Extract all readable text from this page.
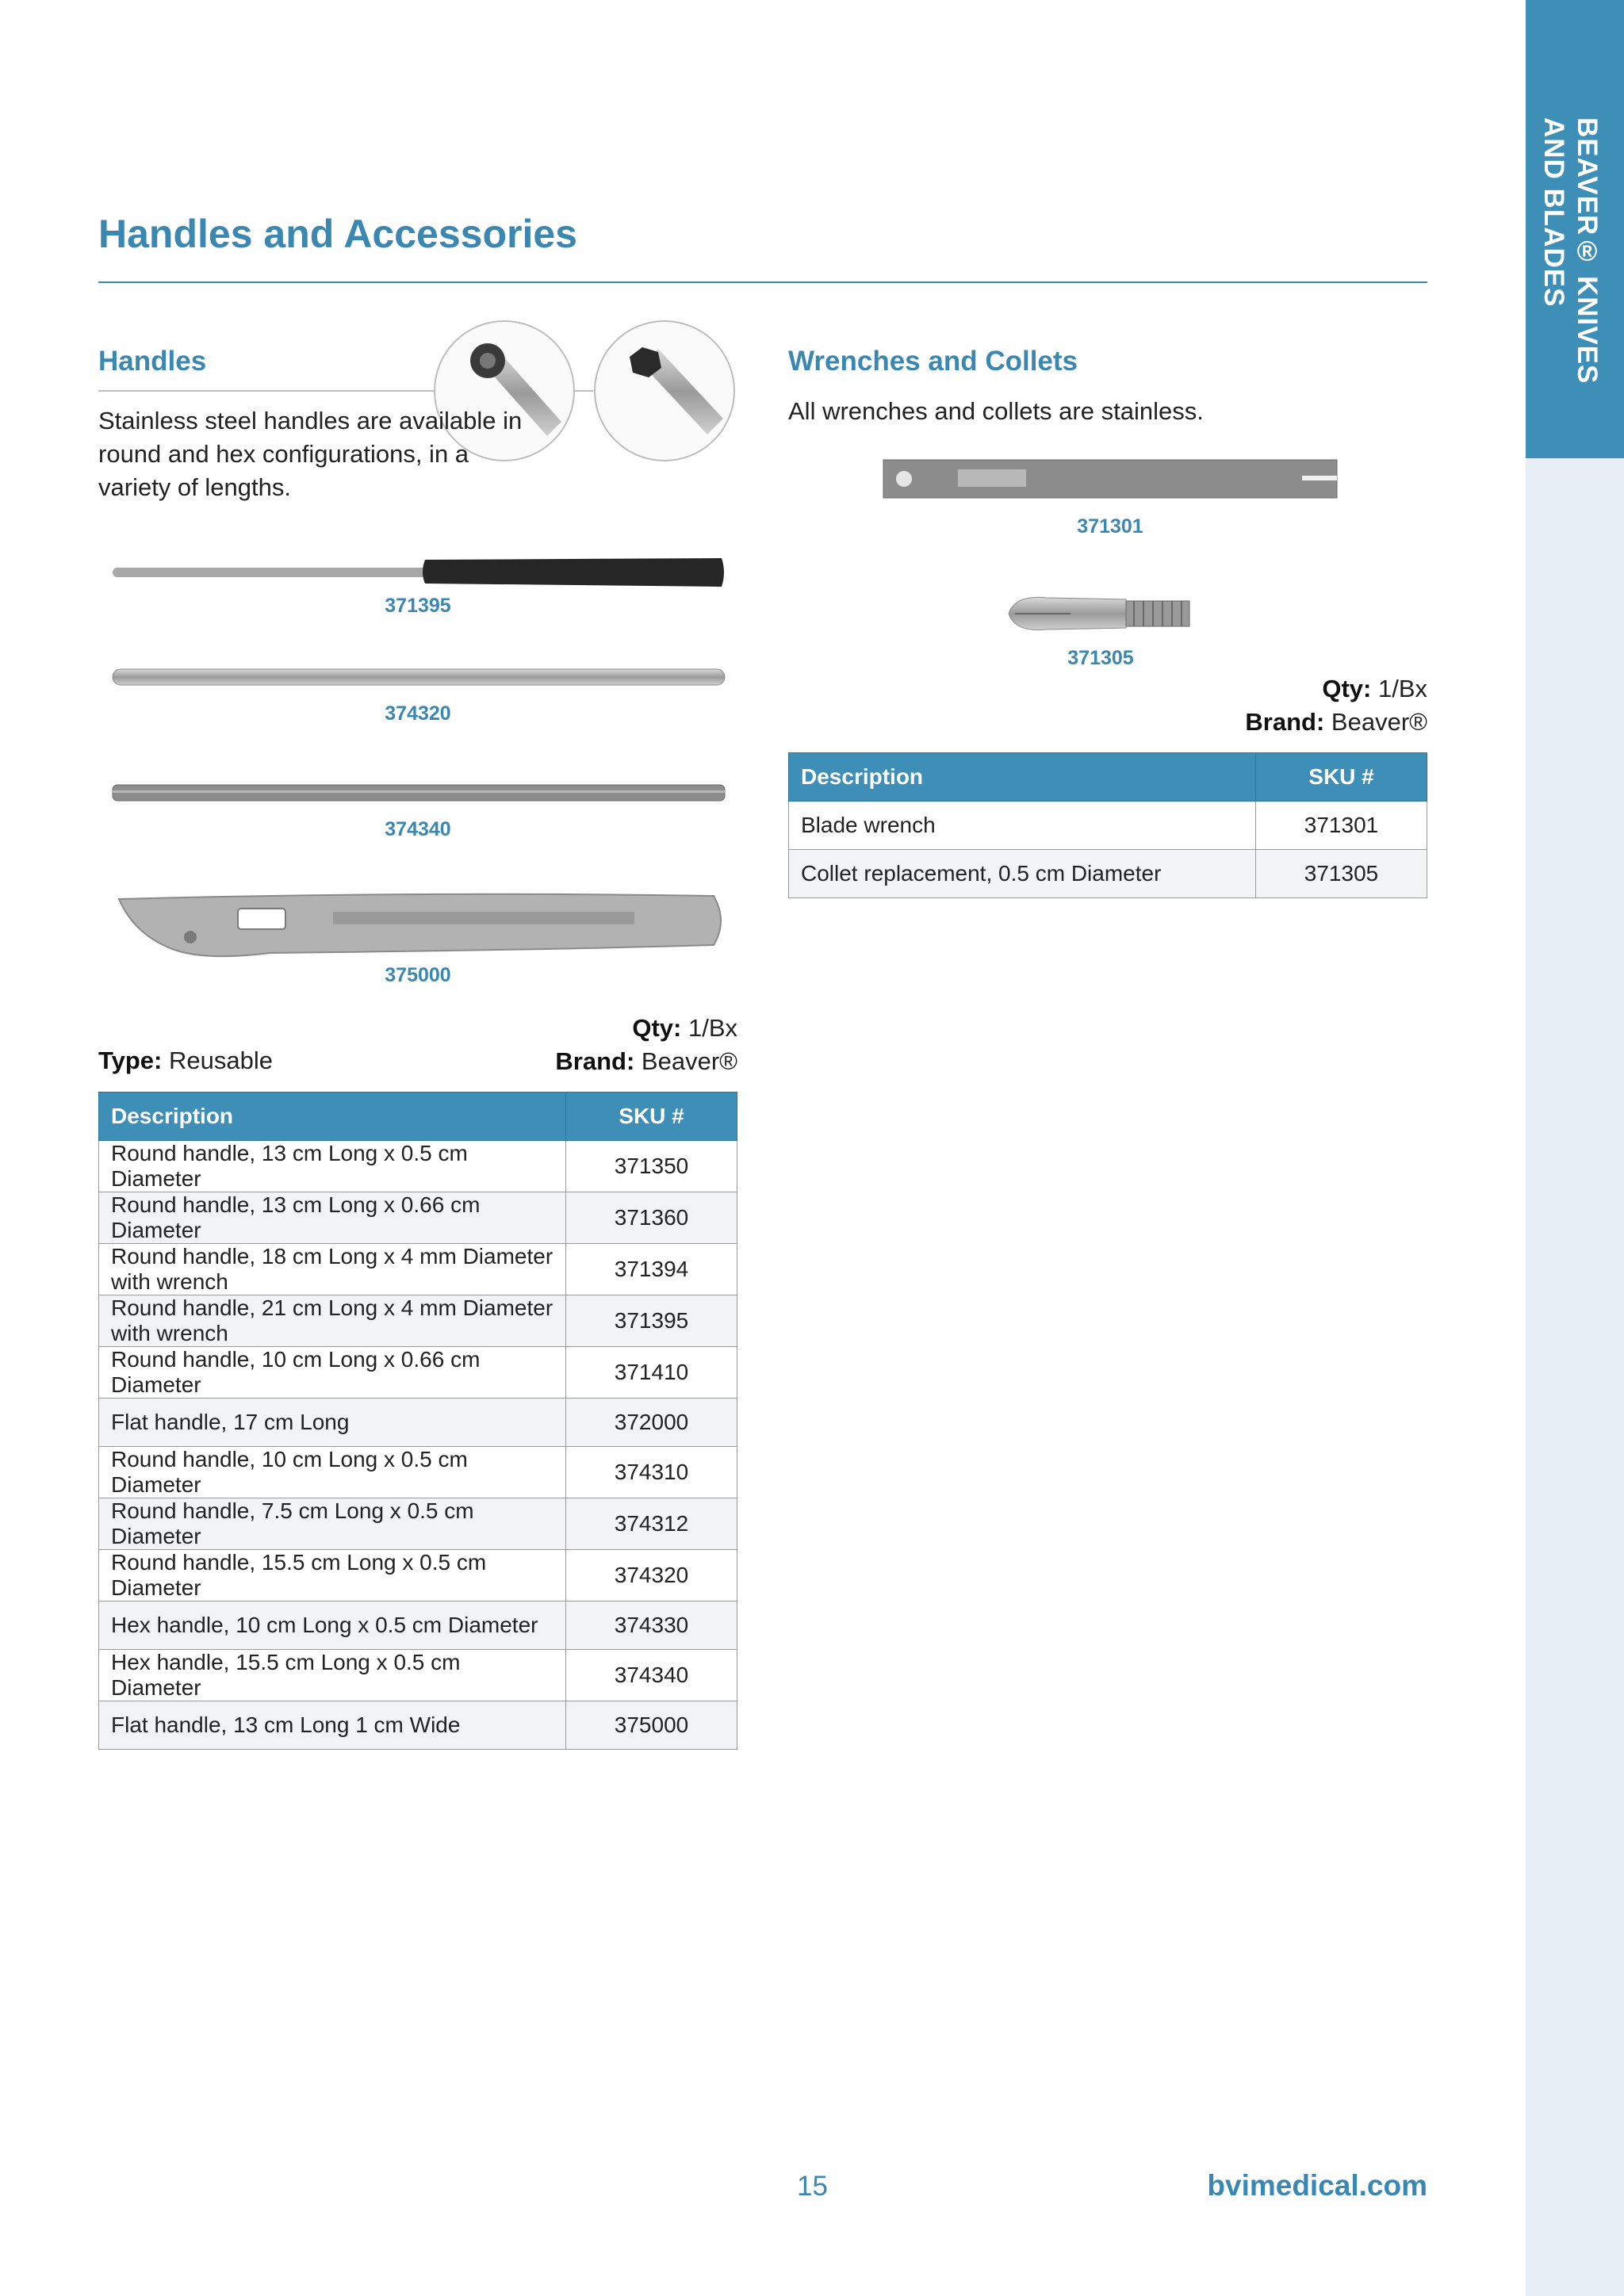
BEAVER® KNIVES
AND BLADES
Handles and Accessories
Handles

Stainless steel handles are available in round and hex configurations, in a variety of lengths.

371395
374320
374340
375000
Qty: 1/Bx
Brand: Beaver®
Type: Reusable
Description	SKU #
Round handle, 13 cm Long x 0.5 cm Diameter	371350
Round handle, 13 cm Long x 0.66 cm Diameter	371360
Round handle, 18 cm Long x 4 mm Diameter with wrench	371394
Round handle, 21 cm Long x 4 mm Diameter with wrench	371395
Round handle, 10 cm Long x 0.66 cm Diameter	371410
Flat handle, 17 cm Long	372000
Round handle, 10 cm Long x 0.5 cm Diameter	374310
Round handle, 7.5 cm Long x 0.5 cm Diameter	374312
Round handle, 15.5 cm Long x 0.5 cm Diameter	374320
Hex handle, 10 cm Long x 0.5 cm Diameter	374330
Hex handle, 15.5 cm Long x 0.5 cm Diameter	374340
Flat handle, 13 cm Long 1 cm Wide	375000
Wrenches and Collets

All wrenches and collets are stainless.

371301
371305
Qty: 1/Bx
Brand: Beaver®
Description	SKU #
Blade wrench	371301
Collet replacement, 0.5 cm Diameter	371305
15	bvimedical.com
